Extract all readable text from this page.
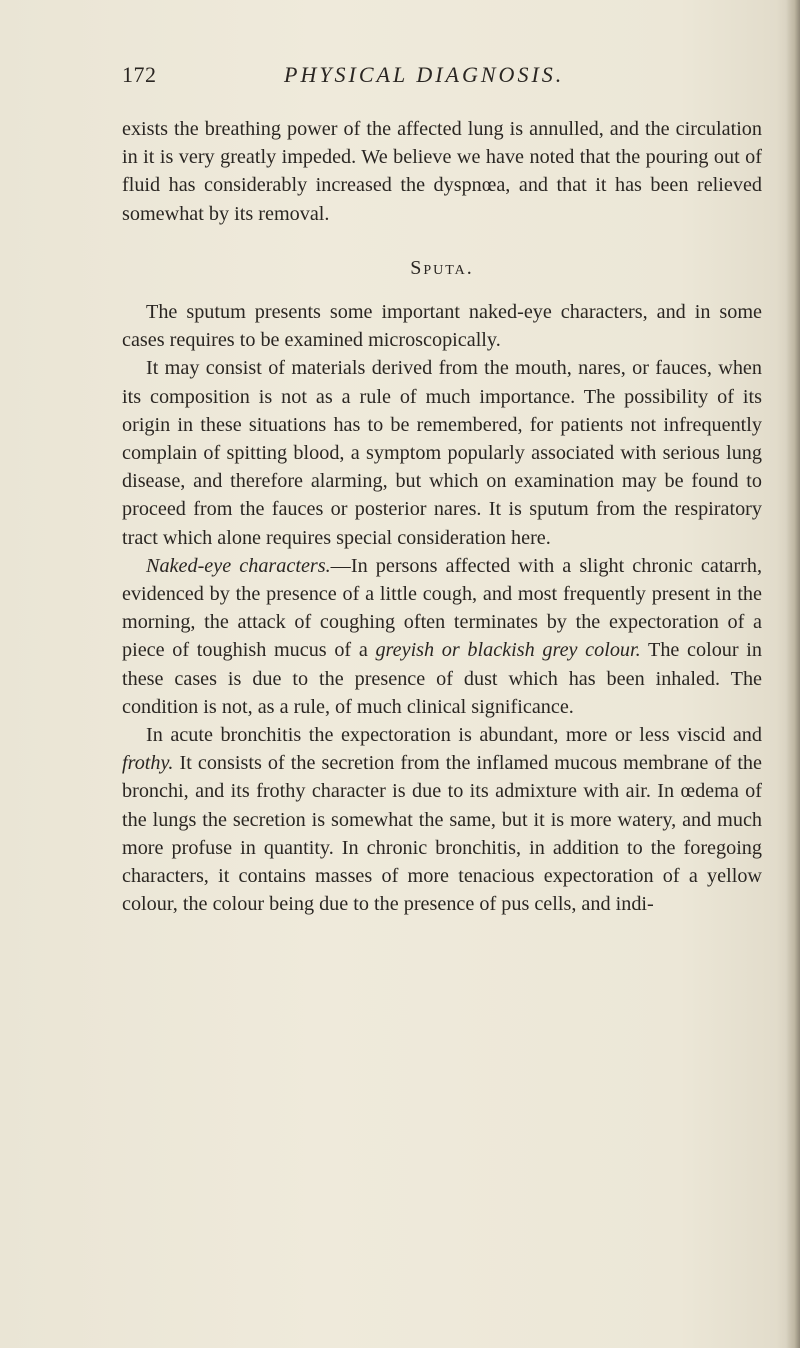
172	PHYSICAL DIAGNOSIS.

exists the breathing power of the affected lung is annulled, and the circulation in it is very greatly impeded. We believe we have noted that the pouring out of fluid has considerably increased the dyspnœa, and that it has been relieved somewhat by its removal.

Sputa.

The sputum presents some important naked-eye characters, and in some cases requires to be examined microscopically.

It may consist of materials derived from the mouth, nares, or fauces, when its composition is not as a rule of much importance. The possibility of its origin in these situations has to be remembered, for patients not infrequently complain of spitting blood, a symptom popularly associated with serious lung disease, and therefore alarming, but which on examination may be found to proceed from the fauces or posterior nares. It is sputum from the respiratory tract which alone requires special consideration here.

Naked-eye characters.—In persons affected with a slight chronic catarrh, evidenced by the presence of a little cough, and most frequently present in the morning, the attack of coughing often terminates by the expectoration of a piece of toughish mucus of a greyish or blackish grey colour. The colour in these cases is due to the presence of dust which has been inhaled. The condition is not, as a rule, of much clinical significance.

In acute bronchitis the expectoration is abundant, more or less viscid and frothy. It consists of the secretion from the inflamed mucous membrane of the bronchi, and its frothy character is due to its admixture with air. In œdema of the lungs the secretion is somewhat the same, but it is more watery, and much more profuse in quantity. In chronic bronchitis, in addition to the foregoing characters, it contains masses of more tenacious expectoration of a yellow colour, the colour being due to the presence of pus cells, and indi-
